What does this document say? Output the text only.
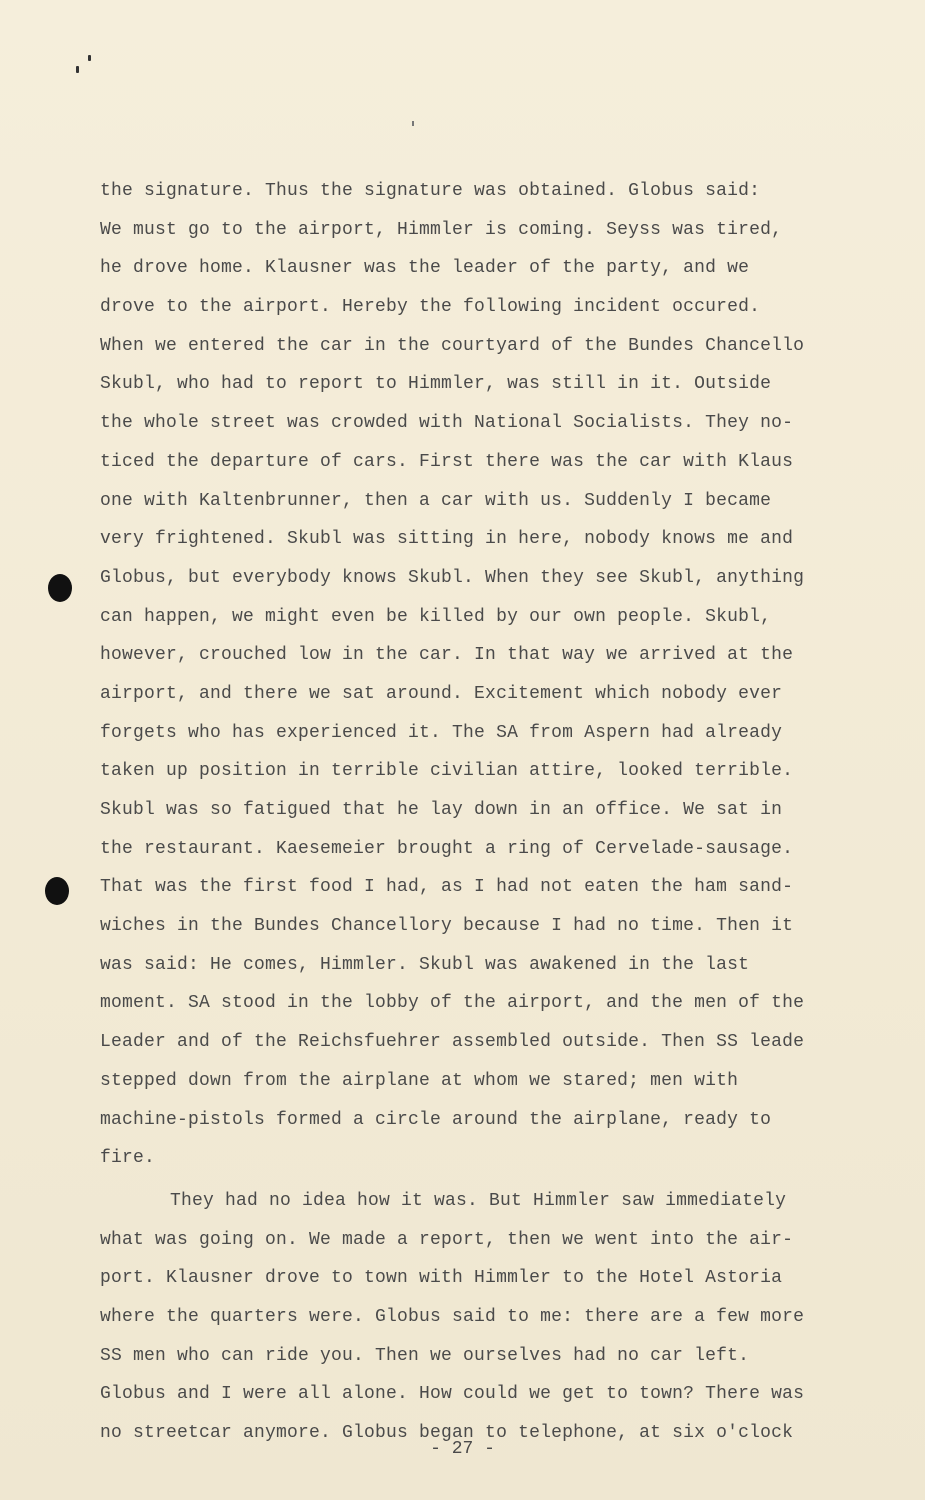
the signature. Thus the signature was obtained. Globus said:
We must go to the airport, Himmler is coming. Seyss was tired,
he drove home. Klausner was the leader of the party, and we
drove to the airport. Hereby the following incident occured.
When we entered the car in the courtyard of the Bundes Chancello
Skubl, who had to report to Himmler, was still in it. Outside
the whole street was crowded with National Socialists. They no-
ticed the departure of cars. First there was the car with Klaus
one with Kaltenbrunner, then a car with us. Suddenly I became
very frightened. Skubl was sitting in here, nobody knows me and
Globus, but everybody knows Skubl. When they see Skubl, anything
can happen, we might even be killed by our own people. Skubl,
however, crouched low in the car. In that way we arrived at the
airport, and there we sat around. Excitement which nobody ever
forgets who has experienced it. The SA from Aspern had already
taken up position in terrible civilian attire, looked terrible.
Skubl was so fatigued that he lay down in an office. We sat in
the restaurant. Kaesemeier brought a ring of Cervelade-sausage.
That was the first food I had, as I had not eaten the ham sand-
wiches in the Bundes Chancellory because I had no time. Then it
was said: He comes, Himmler. Skubl was awakened in the last
moment. SA stood in the lobby of the airport, and the men of the
Leader and of the Reichsfuehrer assembled outside. Then SS leade
stepped down from the airplane at whom we stared; men with
machine-pistols formed a circle around the airplane, ready to
fire.
They had no idea how it was. But Himmler saw immediately
what was going on. We made a report, then we went into the air-
port. Klausner drove to town with Himmler to the Hotel Astoria
where the quarters were. Globus said to me: there are a few more
SS men who can ride you. Then we ourselves had no car left.
Globus and I were all alone. How could we get to town? There was
no streetcar anymore. Globus began to telephone, at six o'clock
- 27 -
